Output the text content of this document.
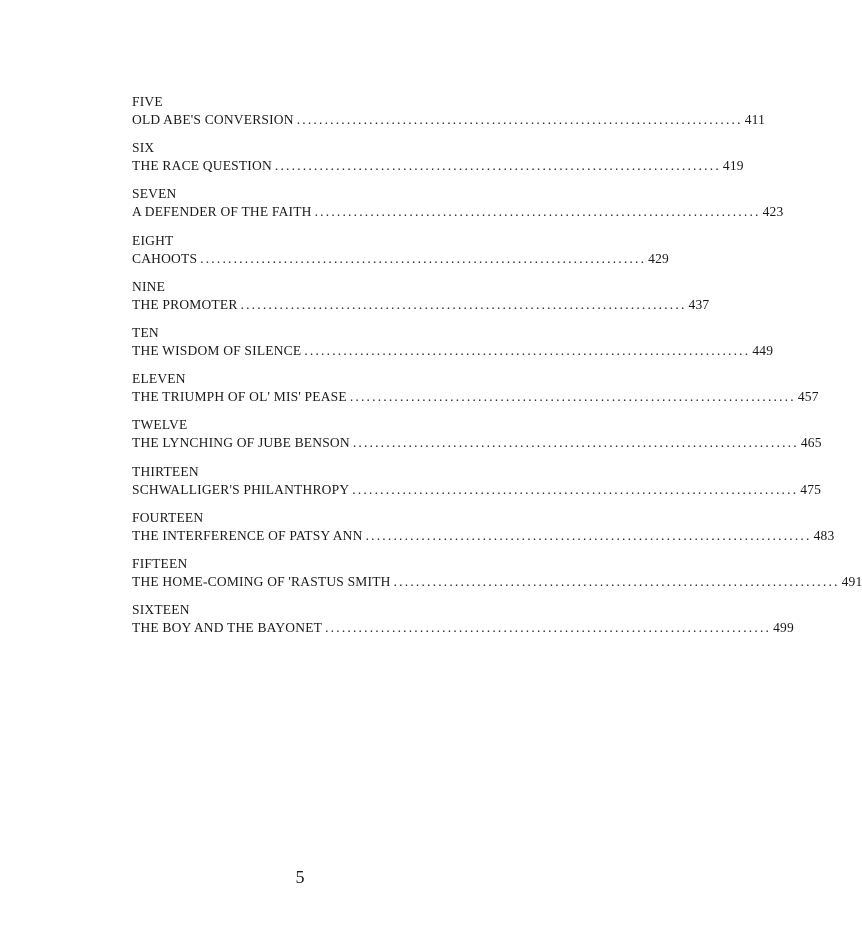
FIVE
OLD ABE'S CONVERSION ................................................................................ 411
SIX
THE RACE QUESTION ................................................................................ 419
SEVEN
A DEFENDER OF THE FAITH ................................................................................ 423
EIGHT
CAHOOTS ................................................................................ 429
NINE
THE PROMOTER ................................................................................ 437
TEN
THE WISDOM OF SILENCE ................................................................................ 449
ELEVEN
THE TRIUMPH OF OL' MIS' PEASE ................................................................................ 457
TWELVE
THE LYNCHING OF JUBE BENSON ................................................................................ 465
THIRTEEN
SCHWALLIGER'S PHILANTHROPY ................................................................................ 475
FOURTEEN
THE INTERFERENCE OF PATSY ANN ................................................................................ 483
FIFTEEN
THE HOME-COMING OF 'RASTUS SMITH ................................................................................ 491
SIXTEEN
THE BOY AND THE BAYONET ................................................................................ 499
5
